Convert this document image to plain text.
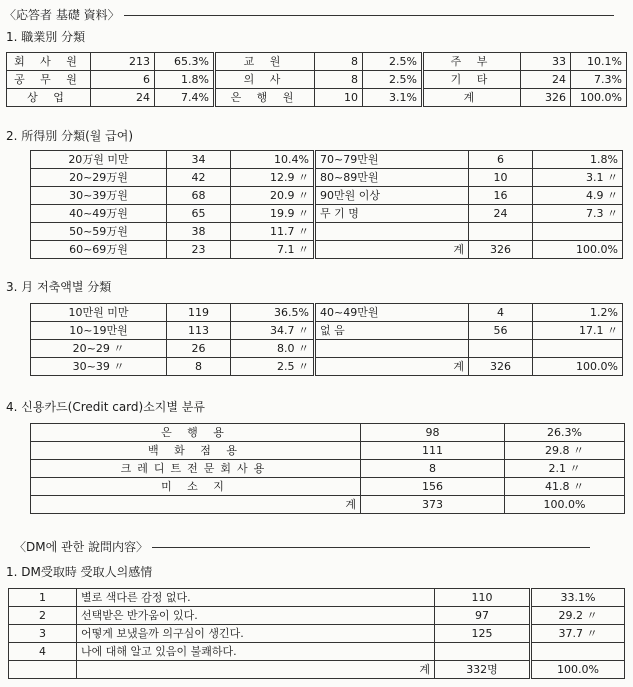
〈応答者 基礎 資料〉
1. 職業別 分類
회 사 원	213	65.3%	교 원	8	2.5%	주 부	33	10.1%
공 무 원	6	1.8%	의 사	8	2.5%	기 타	24	7.3%
상 업	24	7.4%	은 행 원	10	3.1%	계	326	100.0%
2. 所得別 分類(월 급여)
20万원 미만	34	10.4%	70~79만원	6	1.8%
20~29万원	42	12.9 〃	80~89만원	10	3.1 〃
30~39万원	68	20.9 〃	90만원 이상	16	4.9 〃
40~49万원	65	19.9 〃	무 기 명	24	7.3 〃
50~59万원	38	11.7 〃			
60~69万원	23	7.1 〃	계	326	100.0%
3. 月 저축액별 分類
10만원 미만	119	36.5%	40~49만원	4	1.2%
10~19만원	113	34.7 〃	없 음	56	17.1 〃
20~29 〃	26	8.0 〃			
30~39 〃	8	2.5 〃	계	326	100.0%
4. 신용카드(Credit card)소지별 분류
은 행 용	98	26.3%
백 화 점 용	111	29.8 〃
크레디트전문회사용	8	2.1 〃
미 소 지	156	41.8 〃
계	373	100.0%
〈DM에 관한 說問内容〉
1. DM受取時 受取人의感情
1	별로 색다른 감정 없다.	110	33.1%
2	선택받은 반가움이 있다.	97	29.2 〃
3	어떻게 보냈을까 의구심이 생긴다.	125	37.7 〃
4	나에 대해 알고 있음이 불쾌하다.		
	계	332명	100.0%
